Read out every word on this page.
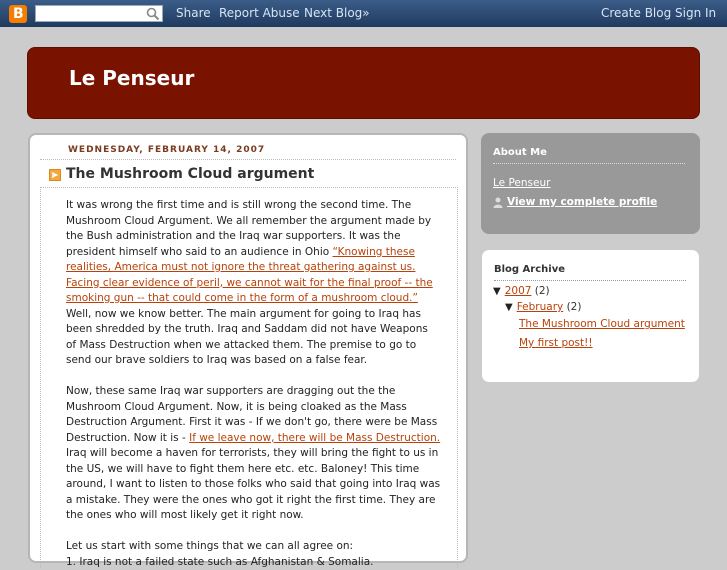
B	Share Report Abuse Next Blog»	Create Blog Sign In
Le Penseur
WEDNESDAY, FEBRUARY 14, 2007
The Mushroom Cloud argument

It was wrong the first time and is still wrong the second time. The Mushroom Cloud Argument. We all remember the argument made by the Bush administration and the Iraq war supporters. It was the president himself who said to an audience in Ohio “Knowing these realities, America must not ignore the threat gathering against us. Facing clear evidence of peril, we cannot wait for the final proof -- the smoking gun -- that could come in the form of a mushroom cloud.” Well, now we know better. The main argument for going to Iraq has been shredded by the truth. Iraq and Saddam did not have Weapons of Mass Destruction when we attacked them. The premise to go to send our brave soldiers to Iraq was based on a false fear.

Now, these same Iraq war supporters are dragging out the the Mushroom Cloud Argument. Now, it is being cloaked as the Mass Destruction Argument. First it was - If we don't go, there were be Mass Destruction. Now it is - If we leave now, there will be Mass Destruction. Iraq will become a haven for terrorists, they will bring the fight to us in the US, we will have to fight them here etc. etc. Baloney! This time around, I want to listen to those folks who said that going into Iraq was a mistake. They were the ones who got it right the first time. They are the ones who will most likely get it right now.

Let us start with some things that we can all agree on:
1. Iraq is not a failed state such as Afghanistan & Somalia.
About Me
Le Penseur
View my complete profile
Blog Archive
▼ 2007 (2)
▼ February (2)
The Mushroom Cloud argument
My first post!!
